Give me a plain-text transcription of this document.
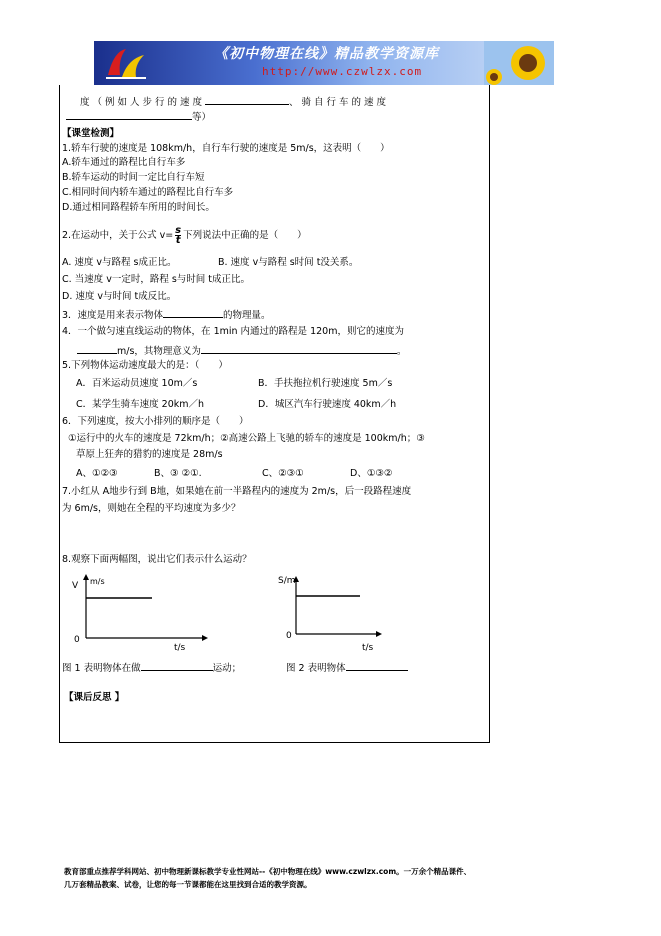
《初中物理在线》精品教学资源库
http://www.czwlzx.com
度（例如人步行的速度	、骑自行车的速度
等）
【课堂检测】
1.轿车行驶的速度是 108km/h，自行车行驶的速度是 5m/s，这表明（　　）
A.轿车通过的路程比自行车多
B.轿车运动的时间一定比自行车短
C.相同时间内轿车通过的路程比自行车多
D.通过相同路程轿车所用的时间长。
2.在运动中，关于公式 $v= \frac{s}{t}$ 下列说法中正确的是（　　）
A. 速度 v与路程 s成正比。	B. 速度 v与路程 s时间 t没关系。
C. 当速度 v一定时，路程 s与时间 t成正比。
D. 速度 v与时间 t成反比。
3．速度是用来表示物体	的物理量。
4．一个做匀速直线运动的物体，在 1min 内通过的路程是 120m，则它的速度为
m/s，其物理意义为	。
5.下列物体运动速度最大的是：（　　）
A．百米运动员速度 10m／s	B．手扶拖拉机行驶速度 5m／s
C．某学生骑车速度 20km／h	D．城区汽车行驶速度 40km／h
6．下列速度，按大小排列的顺序是（　　）
①运行中的火车的速度是 72km/h；②高速公路上飞驰的轿车的速度是 100km/h；③
草原上狂奔的猎豹的速度是 28m/s
A、①②③	B、③ ②①.	C、②③①	D、①③②
7.小红从 A地步行到 B地，如果她在前一半路程内的速度为 2m/s，后一段路程速度
为 6m/s，则她在全程的平均速度为多少？
8.观察下面两幅图，说出它们表示什么运动？
V m/s
0
t/s
S/m
0
t/s
图 1 表明物体在做	运动；	图 2 表明物体
【课后反思 】
教育部重点推荐学科网站、初中物理新课标教学专业性网站--《初中物理在线》www.czwlzx.com。一万余个精品课件、
几万套精品教案、试卷，让您的每一节课都能在这里找到合适的教学资源。
